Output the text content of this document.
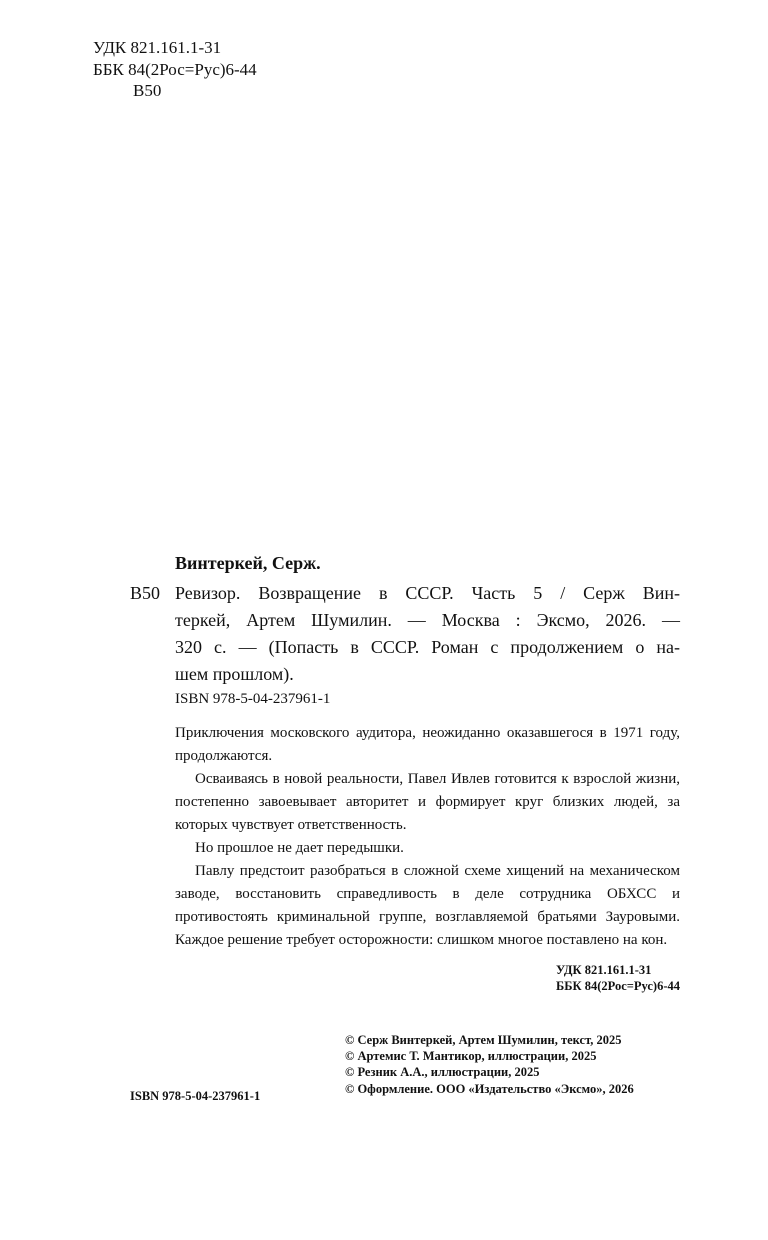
УДК 821.161.1-31
ББК 84(2Рос=Рус)6-44
В50
Винтеркей, Серж.
В50 Ревизор. Возвращение в СССР. Часть 5 / Серж Вин-
теркей, Артем Шумилин. — Москва : Эксмо, 2026. —
320 с. — (Попасть в СССР. Роман с продолжением о на-
шем прошлом).
ISBN 978-5-04-237961-1

Приключения московского аудитора, неожиданно оказавшегося в 1971 году, продолжаются.

Осваиваясь в новой реальности, Павел Ивлев готовится к взрослой жизни, постепенно завоевывает авторитет и формирует круг близких людей, за которых чувствует ответственность.

Но прошлое не дает передышки.

Павлу предстоит разобраться в сложной схеме хищений на механическом заводе, восстановить справедливость в деле сотрудника ОБХСС и противостоять криминальной группе, возглавляемой братьями Зауровыми. Каждое решение требует осторожности: слишком многое поставлено на кон.

УДК 821.161.1-31
ББК 84(2Рос=Рус)6-44
© Серж Винтеркей, Артем Шумилин, текст, 2025
© Артемис Т. Мантикор, иллюстрации, 2025
© Резник А.А., иллюстрации, 2025
© Оформление. ООО «Издательство «Эксмо», 2026
ISBN 978-5-04-237961-1
